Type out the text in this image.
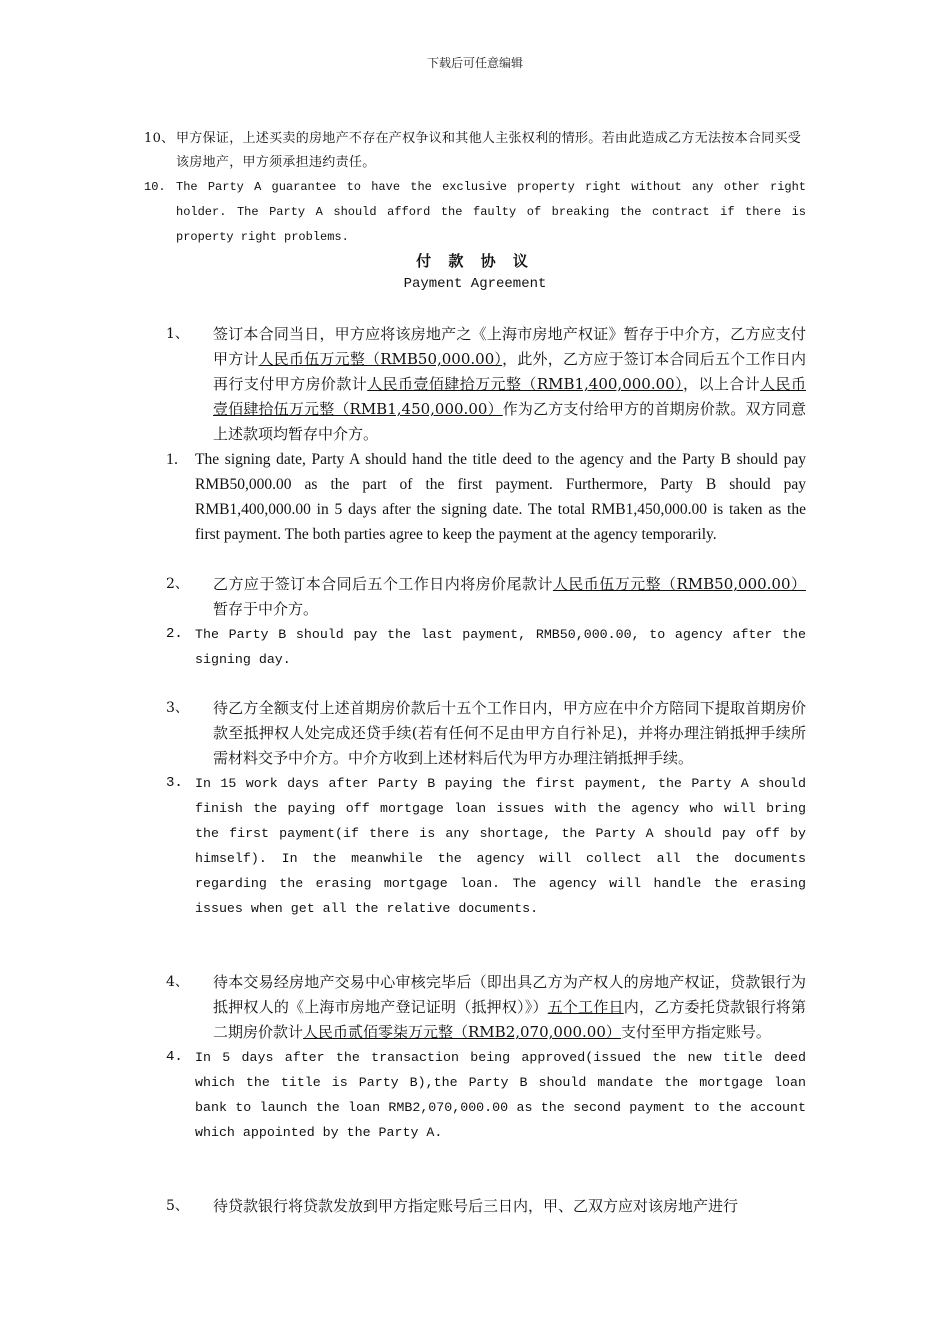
下载后可任意编辑
10、 甲方保证，上述买卖的房地产不存在产权争议和其他人主张权利的情形。若由此造成乙方无法按本合同买受该房地产，甲方须承担违约责任。
10. The Party A guarantee to have the exclusive property right without any other right holder. The Party A should afford the faulty of breaking the contract if there is property right problems.
付 款 协 议
Payment Agreement
1、	签订本合同当日，甲方应将该房地产之《上海市房地产权证》暂存于中介方，乙方应支付甲方计人民币伍万元整（RMB50,000.00），此外，乙方应于签订本合同后五个工作日内再行支付甲方房价款计人民币壹佰肆拾万元整（RMB1,400,000.00），以上合计人民币壹佰肆拾伍万元整（RMB1,450,000.00）作为乙方支付给甲方的首期房价款。双方同意上述款项均暂存中介方。
1.	The signing date, Party A should hand the title deed to the agency and the Party B should pay RMB50,000.00 as the part of the first payment. Furthermore, Party B should pay RMB1,400,000.00 in 5 days after the signing date. The total RMB1,450,000.00 is taken as the first payment. The both parties agree to keep the payment at the agency temporarily.
2、	乙方应于签订本合同后五个工作日内将房价尾款计人民币伍万元整（RMB50,000.00）暂存于中介方。
2. The Party B should pay the last payment, RMB50,000.00, to agency after the signing day.
3、	待乙方全额支付上述首期房价款后十五个工作日内，甲方应在中介方陪同下提取首期房价款至抵押权人处完成还贷手续(若有任何不足由甲方自行补足)，并将办理注销抵押手续所需材料交予中介方。中介方收到上述材料后代为甲方办理注销抵押手续。
3. In 15 work days after Party B paying the first payment, the Party A should finish the paying off mortgage loan issues with the agency who will bring the first payment(if there is any shortage, the Party A should pay off by himself). In the meanwhile the agency will collect all the documents regarding the erasing mortgage loan. The agency will handle the erasing issues when get all the relative documents.
4、	待本交易经房地产交易中心审核完毕后（即出具乙方为产权人的房地产权证，贷款银行为抵押权人的《上海市房地产登记证明（抵押权）》）五个工作日内，乙方委托贷款银行将第二期房价款计人民币贰佰零柒万元整（RMB2,070,000.00）支付至甲方指定账号。
4. In 5 days after the transaction being approved(issued the new title deed which the title is Party B),the Party B should mandate the mortgage loan bank to launch the loan RMB2,070,000.00 as the second payment to the account which appointed by the Party A.
5、	待贷款银行将贷款发放到甲方指定账号后三日内，甲、乙双方应对该房地产进行
